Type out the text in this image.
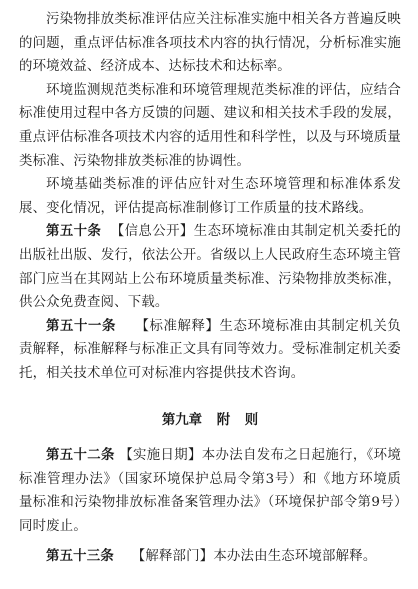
污染物排放类标准评估应关注标准实施中相关各方普遍反映的问题，重点评估标准各项技术内容的执行情况，分析标准实施的环境效益、经济成本、达标技术和达标率。

环境监测规范类标准和环境管理规范类标准的评估，应结合标准使用过程中各方反馈的问题、建议和相关技术手段的发展，重点评估标准各项技术内容的适用性和科学性，以及与环境质量类标准、污染物排放类标准的协调性。

环境基础类标准的评估应针对生态环境管理和标准体系发展、变化情况，评估提高标准制修订工作质量的技术路线。

第五十条 【信息公开】生态环境标准由其制定机关委托的出版社出版、发行，依法公开。省级以上人民政府生态环境主管部门应当在其网站上公布环境质量类标准、污染物排放类标准，供公众免费查阅、下载。

第五十一条 【标准解释】生态环境标准由其制定机关负责解释，标准解释与标准正文具有同等效力。受标准制定机关委托，相关技术单位可对标准内容提供技术咨询。

第九章 附 则

第五十二条 【实施日期】本办法自发布之日起施行，《环境标准管理办法》（国家环境保护总局令第3号）和《地方环境质量标准和污染物排放标准备案管理办法》（环境保护部令第9号）同时废止。

第五十三条 【解释部门】本办法由生态环境部解释。
